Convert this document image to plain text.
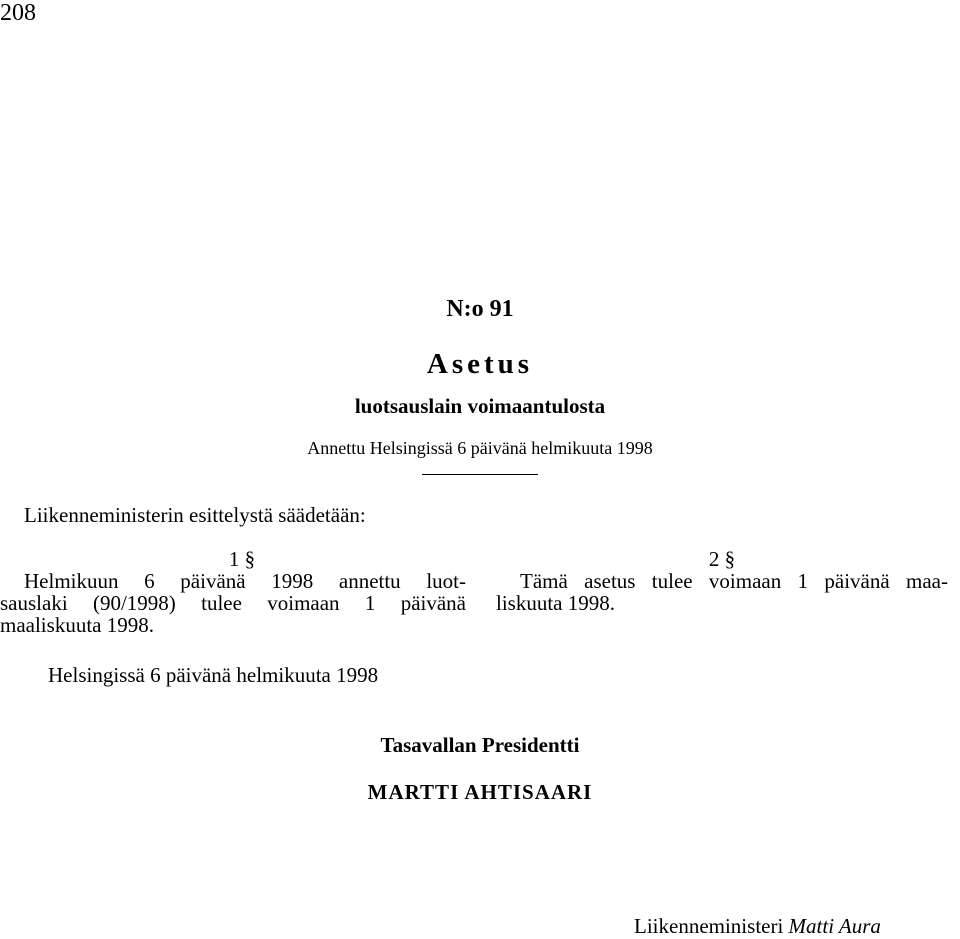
208
N:o 91
Asetus
luotsauslain voimaantulosta
Annettu Helsingissä 6 päivänä helmikuuta 1998
Liikenneministerin esittelystä säädetään:
1 §
Helmikuun 6 päivänä 1998 annettu luot-
sauslaki (90/1998) tulee voimaan 1 päivänä
maaliskuuta 1998.
2 §
Tämä asetus tulee voimaan 1 päivänä maa-
liskuuta 1998.
Helsingissä 6 päivänä helmikuuta 1998
Tasavallan Presidentti
MARTTI AHTISAARI
Liikenneministeri Matti Aura
